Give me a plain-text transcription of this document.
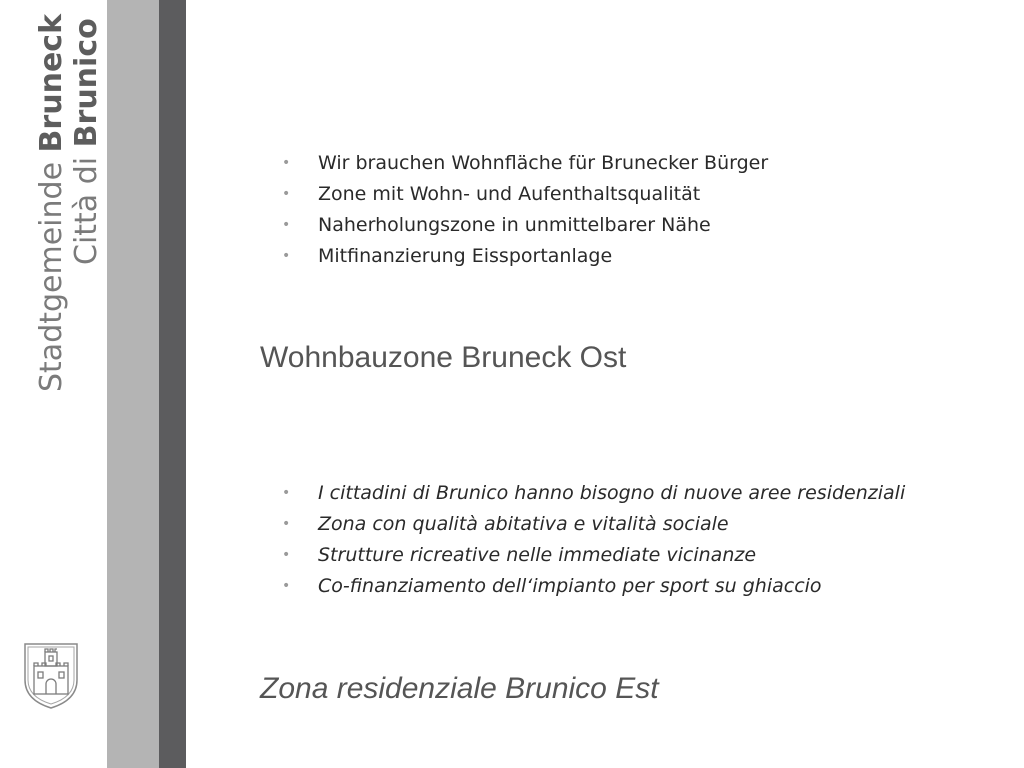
Stadtgemeinde Bruneck
Città di Brunico
•	Wir brauchen Wohnfläche für Brunecker Bürger
•	Zone mit Wohn- und Aufenthaltsqualität
•	Naherholungszone in unmittelbarer Nähe
•	Mitfinanzierung Eissportanlage
Wohnbauzone Bruneck Ost
•	I cittadini di Brunico hanno bisogno di nuove aree residenziali
•	Zona con qualità abitativa e vitalità sociale
•	Strutture ricreative nelle immediate vicinanze
•	Co-finanziamento dell‘impianto per sport su ghiaccio
Zona residenziale Brunico Est
